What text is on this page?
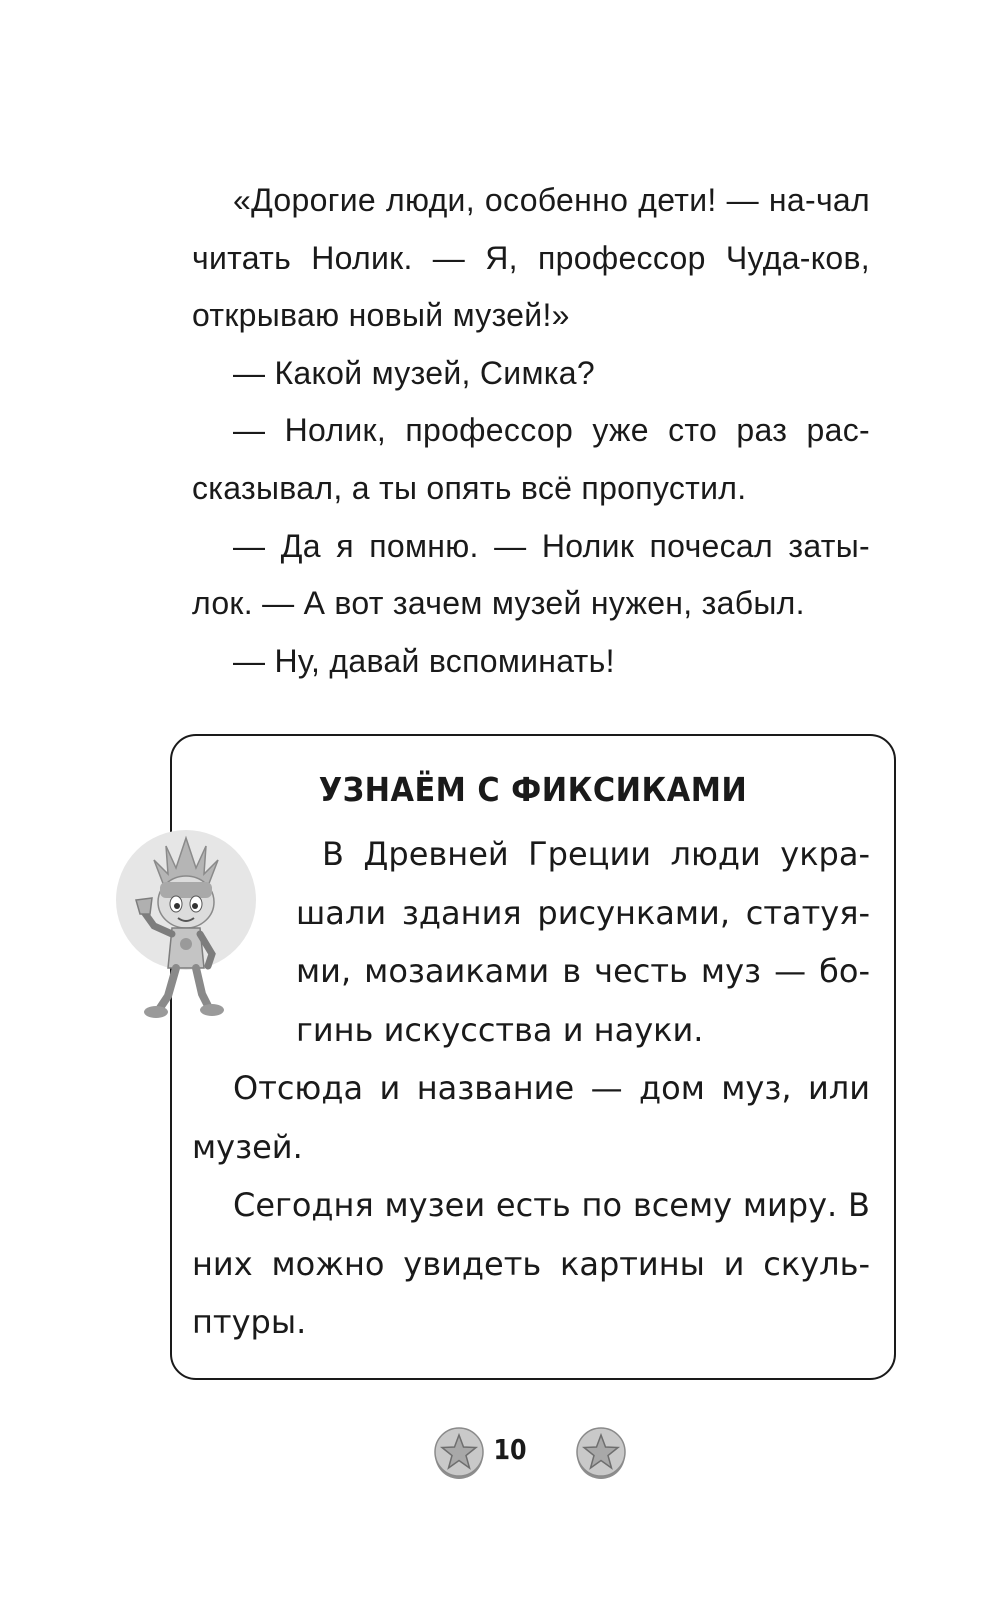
«Дорогие люди, особенно дети! — на-чал читать Нолик. — Я, профессор Чуда-ков, открываю новый музей!»

— Какой музей, Симка?

— Нолик, профессор уже сто раз рас-сказывал, а ты опять всё пропустил.

— Да я помню. — Нолик почесал заты-лок. — А вот зачем музей нужен, забыл.

— Ну, давай вспоминать!

УЗНАЁМ С ФИКСИКАМИ

В Древней Греции люди укра-шали здания рисунками, статуя-ми, мозаиками в честь муз — бо-гинь искусства и науки.

Отсюда и название — дом муз, или музей.

Сегодня музеи есть по всему миру. В них можно увидеть картины и скуль-птуры.

10
